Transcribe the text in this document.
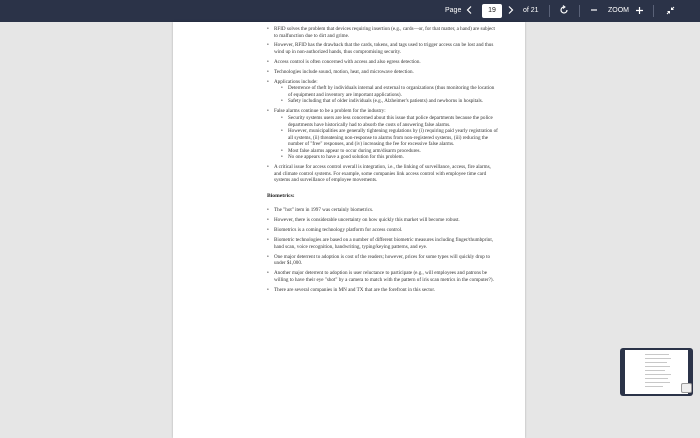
Page	19	of 21	ZOOM
• RFID solves the problem that devices requiring insertion (e.g., cards—or, for that matter, a hand) are subject to malfunction due to dirt and grime.
• However, RFID has the drawback that the cards, tokens, and tags used to trigger access can be lost and thus wind up in non-authorized hands, thus compromising security.
• Access control is often concerned with access and also egress detection.
• Technologies include sound, motion, heat, and microwave detection.
• Applications include:
• Deterrence of theft by individuals internal and external to organizations (thus monitoring the location of equipment and inventory are important applications).
• Safety including that of older individuals (e.g., Alzheimer's patients) and newborns in hospitals.
• False alarms continue to be a problem for the industry:
• Security systems users are less concerned about this issue that police departments because the police departments have historically had to absorb the costs of answering false alarms.
• However, municipalities are generally tightening regulations by (i) requiring paid yearly registration of all systems, (ii) threatening non-response to alarms from non-registered systems, (iii) reducing the number of "free" responses, and (iv) increasing the fee for excessive false alarms.
• Most false alarms appear to occur during arm/disarm procedures.
• No one appears to have a good solution for this problem.
• A critical issue for access control overall is integration, i.e., the linking of surveillance, access, fire alarms, and climate control systems. For example, some companies link access control with employee time card systems and surveillance of employee movements.
Biometrics:
• The "hot" item in 1997 was certainly biometrics.
• However, there is considerable uncertainty on how quickly this market will become robust.
• Biometrics is a coming technology platform for access control.
• Biometric technologies are based on a number of different biometric measures including finger/thumbprint, hand scan, voice recognition, handwriting, typing/keying patterns, and eye.
• One major deterrent to adoption is cost of the readers; however, prices for some types will quickly drop to under $1,000.
• Another major deterrent to adoption is user reluctance to participate (e.g., will employees and patrons be willing to have their eye "shot" by a camera to match with the pattern of iris scan metrics in the computer?).
• There are several companies in MN and TX that are the forefront in this sector.
